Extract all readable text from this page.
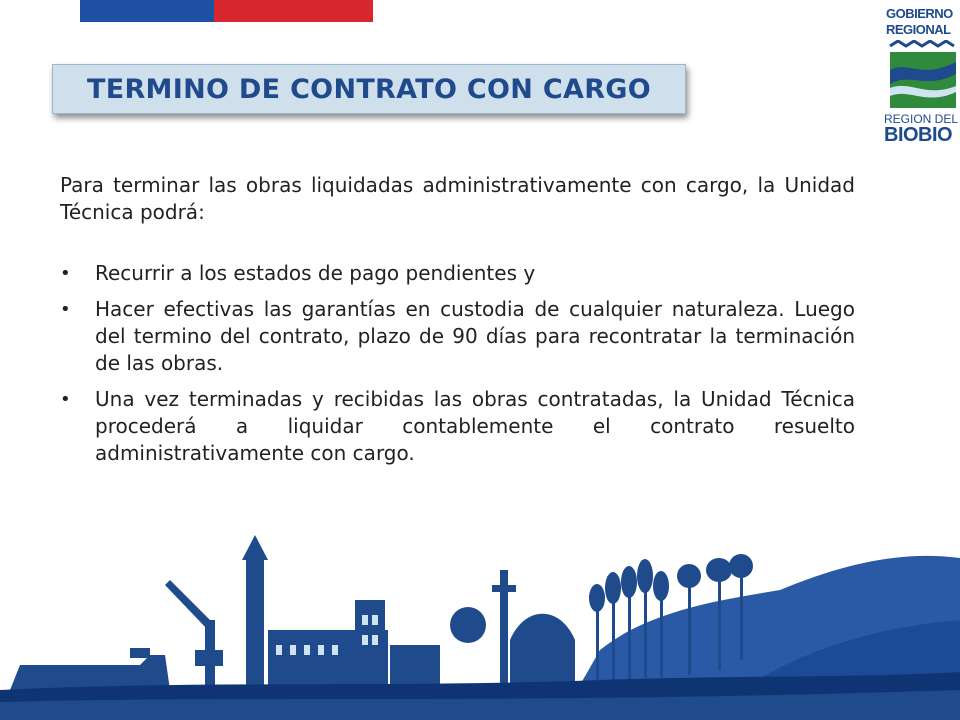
TERMINO DE CONTRATO CON CARGO
GOBIERNO
REGIONAL
REGION DEL
BIOBIO

Para terminar las obras liquidadas administrativamente con cargo, la Unidad Técnica podrá:

• Recurrir a los estados de pago pendientes y
• Hacer efectivas las garantías en custodia de cualquier naturaleza. Luego del termino del contrato, plazo de 90 días para recontratar la terminación de las obras.
• Una vez terminadas y recibidas las obras contratadas, la Unidad Técnica procederá a liquidar contablemente el contrato resuelto administrativamente con cargo.
